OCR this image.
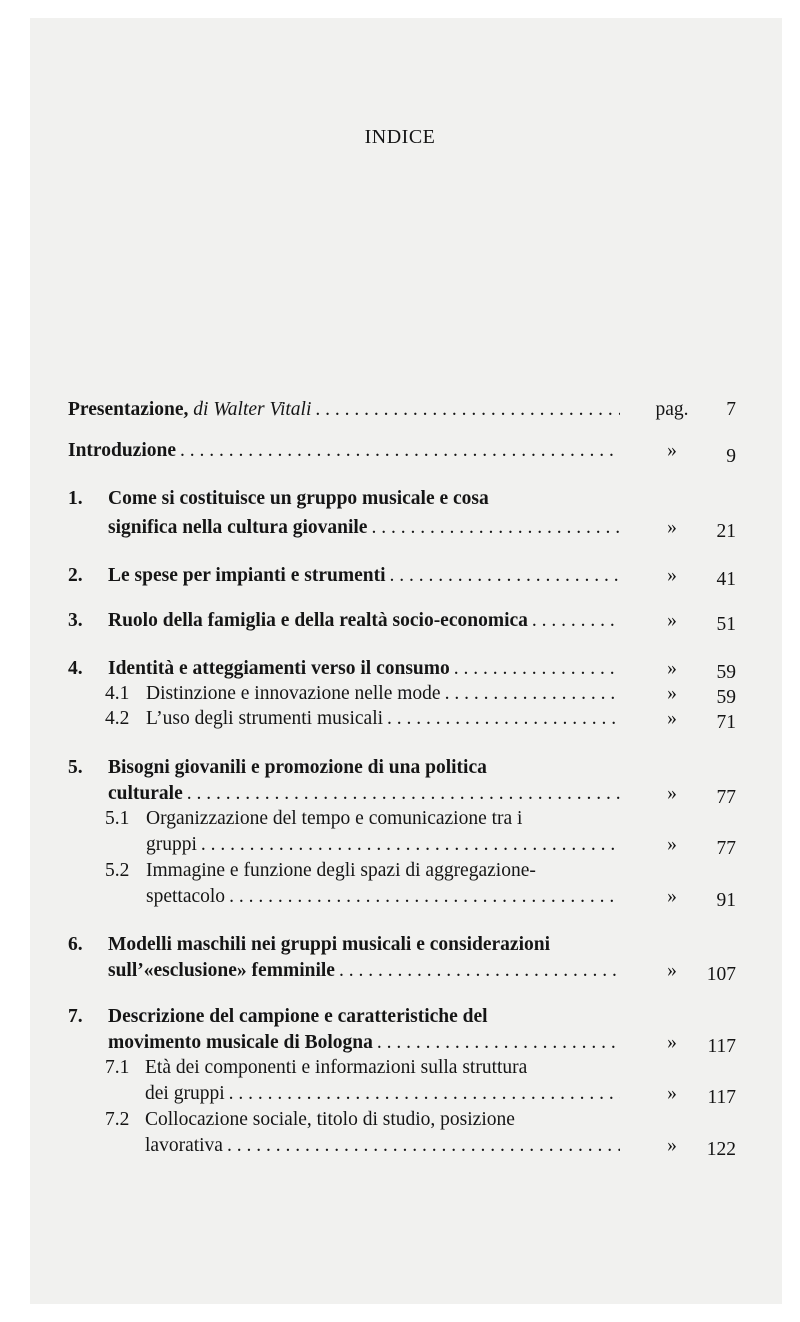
INDICE
Presentazione, di Walter Vitali . . .	pag.	7
Introduzione . . .	»	9
1. Come si costituisce un gruppo musicale e cosa
significa nella cultura giovanile . . .	»	21
2. Le spese per impianti e strumenti . . .	»	41
3. Ruolo della famiglia e della realtà socio-economica . . .	»	51
4. Identità e atteggiamenti verso il consumo . . .	»	59
4.1 Distinzione e innovazione nelle mode . . .	»	59
4.2 L’uso degli strumenti musicali . . .	»	71
5. Bisogni giovanili e promozione di una politica
culturale . . .	»	77
5.1 Organizzazione del tempo e comunicazione tra i
gruppi . . .	»	77
5.2 Immagine e funzione degli spazi di aggregazione-
spettacolo . . .	»	91
6. Modelli maschili nei gruppi musicali e considerazioni
sull’«esclusione» femminile . . .	»	107
7. Descrizione del campione e caratteristiche del
movimento musicale di Bologna . . .	»	117
7.1 Età dei componenti e informazioni sulla struttura
dei gruppi . . .	»	117
7.2 Collocazione sociale, titolo di studio, posizione
lavorativa . . .	»	122
